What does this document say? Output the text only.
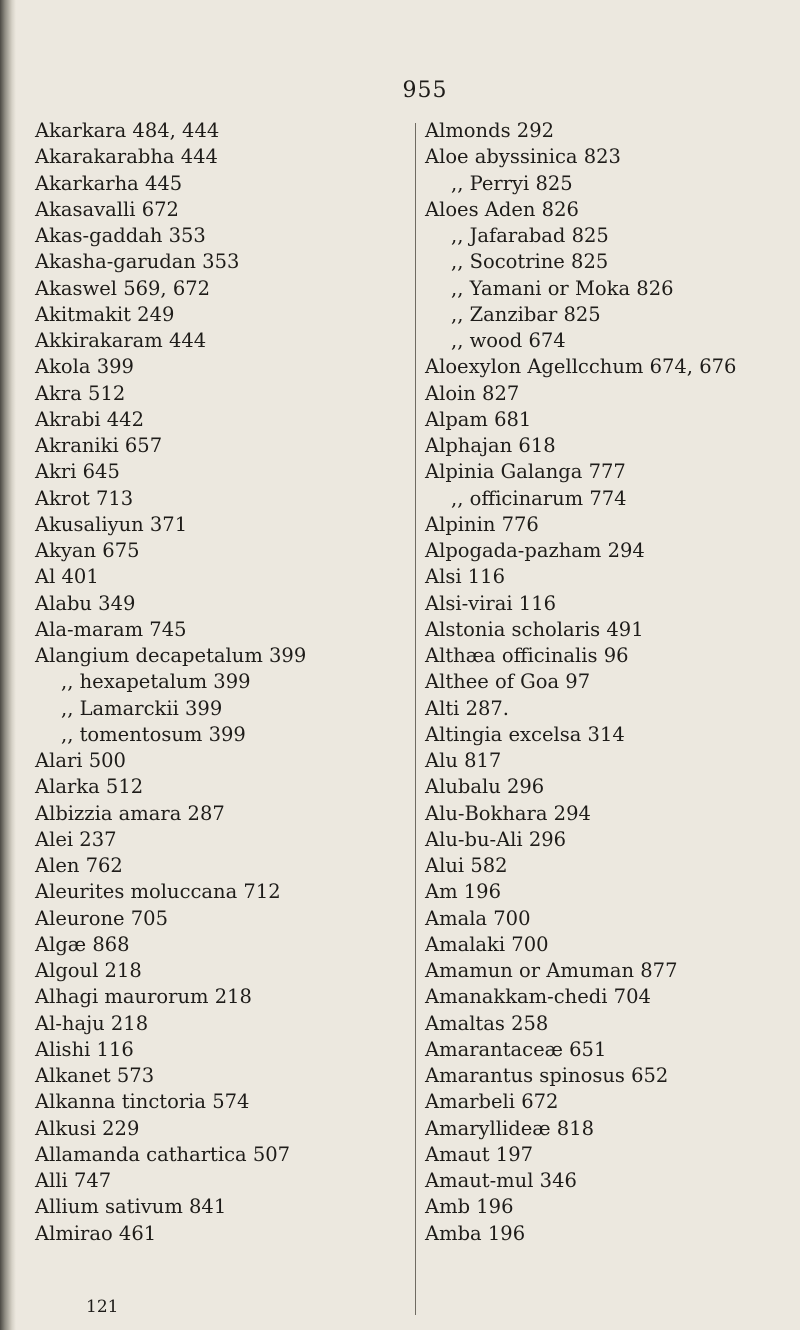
955
Akarkara 484, 444
Akarakarabha 444
Akarkarha 445
Akasavalli 672
Akas-gaddah 353
Akasha-garudan 353
Akaswel 569, 672
Akitmakit 249
Akkirakaram 444
Akola 399
Akra 512
Akrabi 442
Akraniki 657
Akri 645
Akrot 713
Akusaliyun 371
Akyan 675
Al 401
Alabu 349
Ala-maram 745
Alangium decapetalum 399
,, hexapetalum 399
,, Lamarckii 399
,, tomentosum 399
Alari 500
Alarka 512
Albizzia amara 287
Alei 237
Alen 762
Aleurites moluccana 712
Aleurone 705
Algæ 868
Algoul 218
Alhagi maurorum 218
Al-haju 218
Alishi 116
Alkanet 573
Alkanna tinctoria 574
Alkusi 229
Allamanda cathartica 507
Alli 747
Allium sativum 841
Almirao 461
Almonds 292
Aloe abyssinica 823
,, Perryi 825
Aloes Aden 826
,, Jafarabad 825
,, Socotrine 825
,, Yamani or Moka 826
,, Zanzibar 825
,, wood 674
Aloexylon Agellcchum 674, 676
Aloin 827
Alpam 681
Alphajan 618
Alpinia Galanga 777
,, officinarum 774
Alpinin 776
Alpogada-pazham 294
Alsi 116
Alsi-virai 116
Alstonia scholaris 491
Althæa officinalis 96
Althee of Goa 97
Alti 287.
Altingia excelsa 314
Alu 817
Alubalu 296
Alu-Bokhara 294
Alu-bu-Ali 296
Alui 582
Am 196
Amala 700
Amalaki 700
Amamun or Amuman 877
Amanakkam-chedi 704
Amaltas 258
Amarantaceæ 651
Amarantus spinosus 652
Amarbeli 672
Amaryllideæ 818
Amaut 197
Amaut-mul 346
Amb 196
Amba 196
121
